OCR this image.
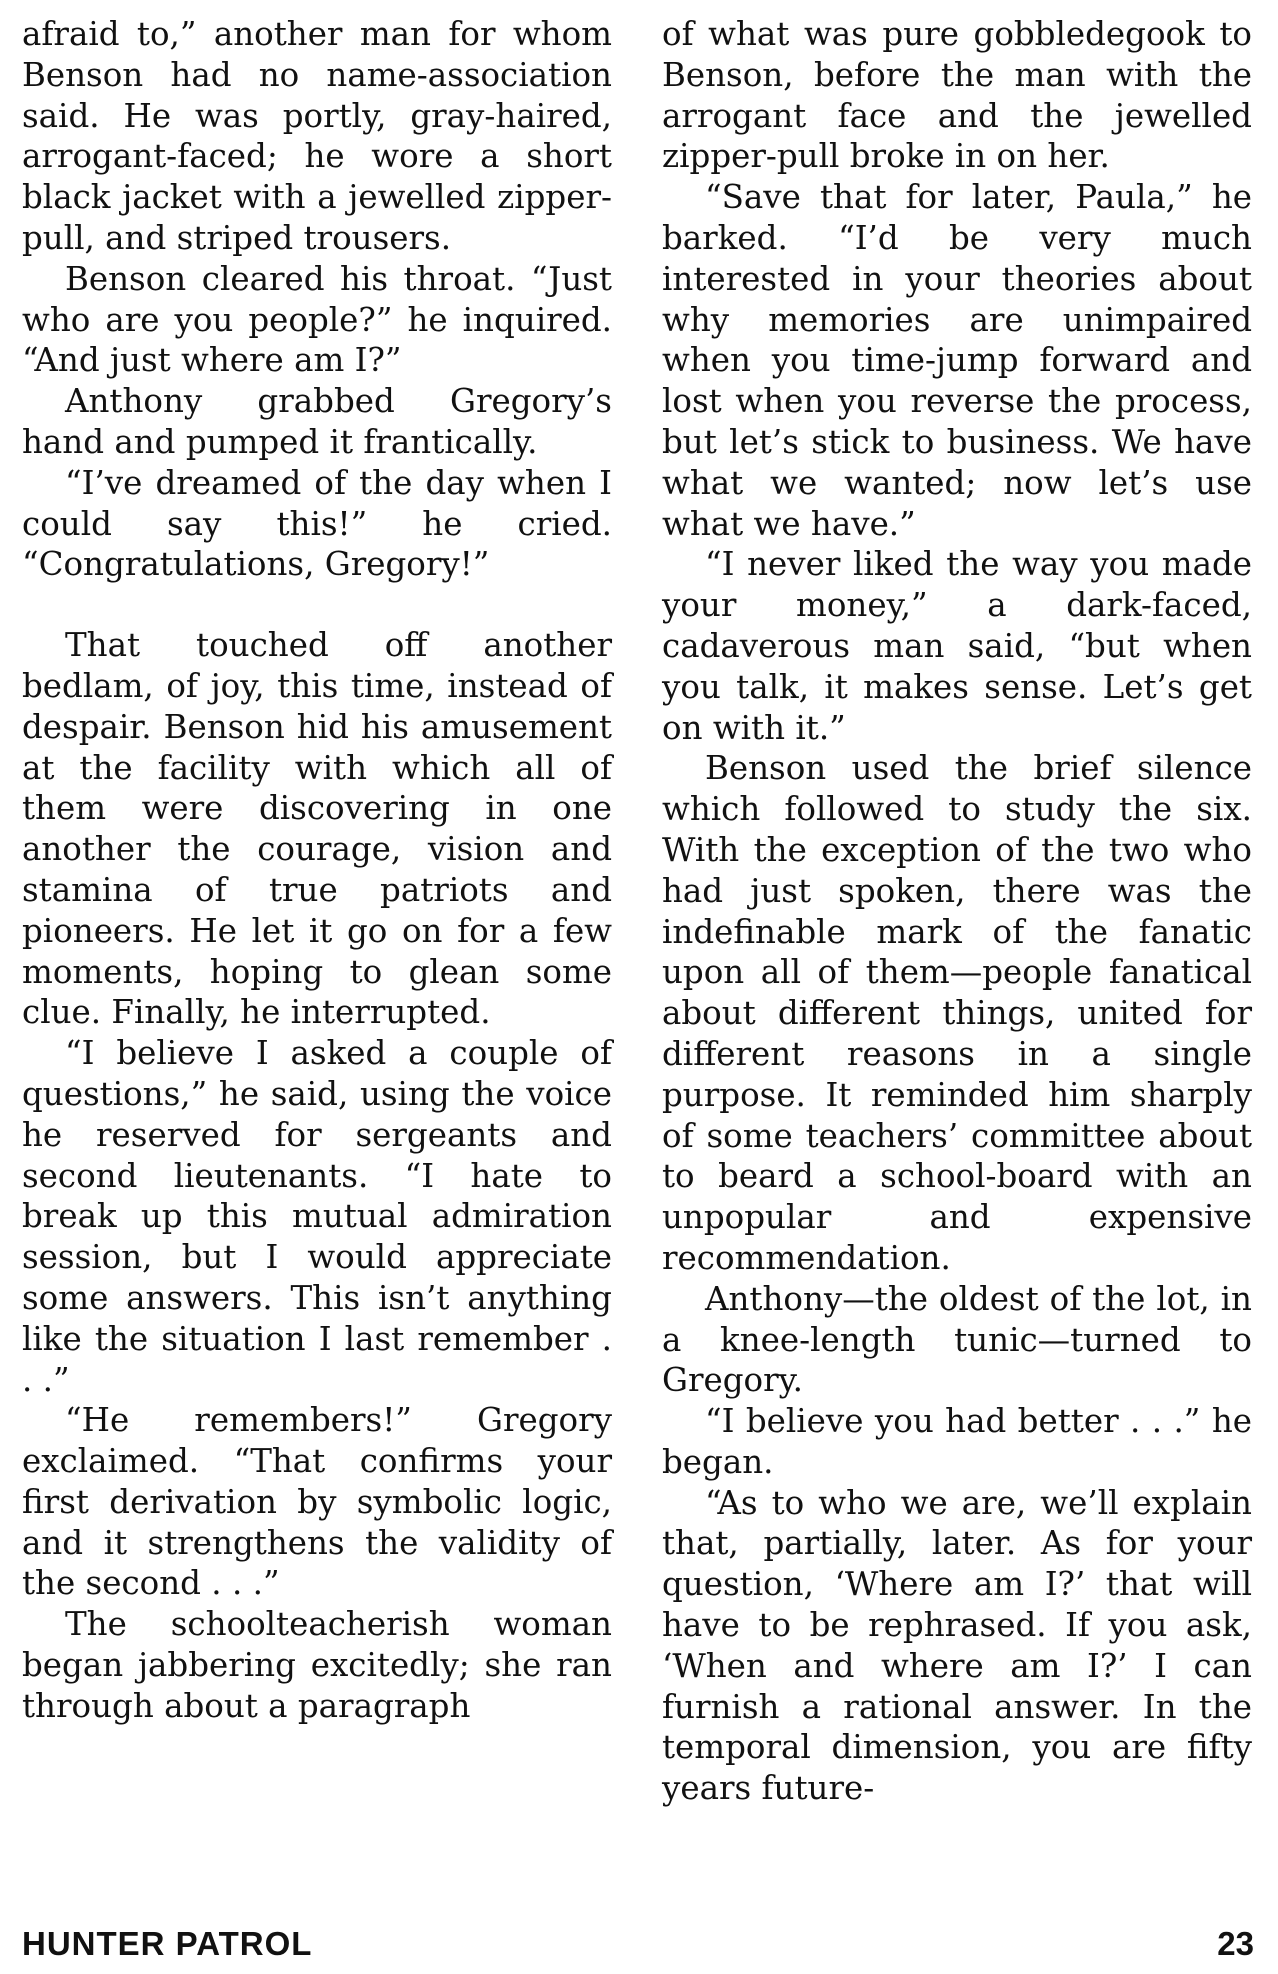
afraid to,” another man for whom Benson had no name-association said. He was portly, gray-haired, arrogant-faced; he wore a short black jacket with a jewelled zipper-pull, and striped trousers.

Benson cleared his throat. “Just who are you people?” he inquired. “And just where am I?”

Anthony grabbed Gregory’s hand and pumped it frantically.

“I’ve dreamed of the day when I could say this!” he cried. “Congratulations, Gregory!”

That touched off another bedlam, of joy, this time, instead of despair. Benson hid his amusement at the facility with which all of them were discovering in one another the courage, vision and stamina of true patriots and pioneers. He let it go on for a few moments, hoping to glean some clue. Finally, he interrupted.

“I believe I asked a couple of questions,” he said, using the voice he reserved for sergeants and second lieutenants. “I hate to break up this mutual admiration session, but I would appreciate some answers. This isn’t anything like the situation I last remember . . .”

“He remembers!” Gregory exclaimed. “That confirms your first derivation by symbolic logic, and it strengthens the validity of the second . . .”

The schoolteacherish woman began jabbering excitedly; she ran through about a paragraph

of what was pure gobbledegook to Benson, before the man with the arrogant face and the jewelled zipper-pull broke in on her.

“Save that for later, Paula,” he barked. “I’d be very much interested in your theories about why memories are unimpaired when you time-jump forward and lost when you reverse the process, but let’s stick to business. We have what we wanted; now let’s use what we have.”

“I never liked the way you made your money,” a dark-faced, cadaverous man said, “but when you talk, it makes sense. Let’s get on with it.”

Benson used the brief silence which followed to study the six. With the exception of the two who had just spoken, there was the indefinable mark of the fanatic upon all of them—people fanatical about different things, united for different reasons in a single purpose. It reminded him sharply of some teachers’ committee about to beard a school-board with an unpopular and expensive recommendation.

Anthony—the oldest of the lot, in a knee-length tunic—turned to Gregory.

“I believe you had better . . .” he began.

“As to who we are, we’ll explain that, partially, later. As for your question, ‘Where am I?’ that will have to be rephrased. If you ask, ‘When and where am I?’ I can furnish a rational answer. In the temporal dimension, you are fifty years future-

HUNTER PATROL	23
